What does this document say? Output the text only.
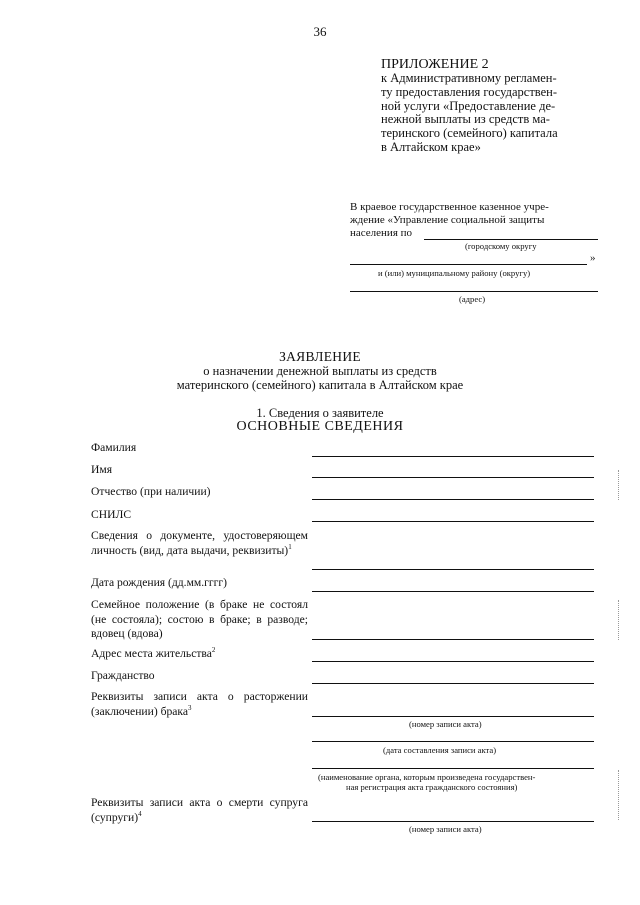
36
ПРИЛОЖЕНИЕ 2
к Административному регламен-
ту предоставления государствен-
ной услуги «Предоставление де-
нежной выплаты из средств ма-
теринского (семейного) капитала
в Алтайском крае»
В краевое государственное казенное учре-
ждение «Управление социальной защиты
населения по
(городскому округу
»
и (или) муниципальному району (округу)
(адрес)
ЗАЯВЛЕНИЕ
о назначении денежной выплаты из средств
материнского (семейного) капитала в Алтайском крае
1. Сведения о заявителе
ОСНОВНЫЕ СВЕДЕНИЯ
Фамилия
Имя
Отчество (при наличии)
СНИЛС
Сведения о документе, удостоверяющем личность (вид, дата выдачи, реквизиты)$^1$
Дата рождения (дд.мм.гггг)
Семейное положение (в браке не состоял (не состояла); состою в браке; в разводе; вдовец (вдова)
Адрес места жительства$^2$
Гражданство
Реквизиты записи акта о расторжении (заключении) брака$^3$
(номер записи акта)
(дата составления записи акта)
(наименование органа, которым произведена государствен-
ная регистрация акта гражданского состояния)
Реквизиты записи акта о смерти супруга (супруги)$^4$
(номер записи акта)
